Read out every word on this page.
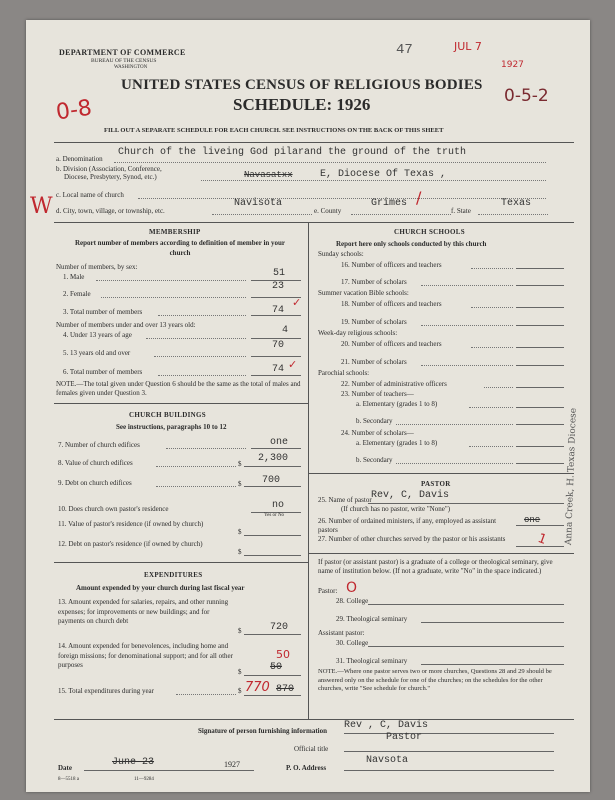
DEPARTMENT OF COMMERCE
BUREAU OF THE CENSUS
WASHINGTON
47	JUL 7
1927
UNITED STATES CENSUS OF RELIGIOUS BODIES
SCHEDULE: 1926
0-8	0-5-2
FILL OUT A SEPARATE SCHEDULE FOR EACH CHURCH. SEE INSTRUCTIONS ON THE BACK OF THIS SHEET
a. Denomination
Church of the liveing God pilarand the ground of the truth
b. Division (Association, Conference,
Diocese, Presbytery, Synod, etc.)	Navasatxx	E, Diocese Of Texas ,
c. Local name of church
W d. City, town, village, or township, etc.
Navisota
e. County
Grimes /
f. State
Texas
MEMBERSHIP
Report number of members according to definition of member in your church
Number of members, by sex:
1. Male	51
2. Female
23
3. Total number of members	74
✓
Number of members under and over 13 years old:
4. Under 13 years of age	4
5. 13 years old and over
70
6. Total number of members	74 ✓
NOTE.—The total given under Question 6 should be the same as the total of males and females given under Question 3.
CHURCH BUILDINGS
See instructions, paragraphs 10 to 12
7. Number of church edifices	one
8. Value of church edifices	$ 2,300
9. Debt on church edifices	$ 700
10. Does church own pastor's residence	no
Yes or No
11. Value of pastor's residence (if owned by church)
$
12. Debt on pastor's residence (if owned by church)
$
EXPENDITURES
Amount expended by your church during last fiscal year
13. Amount expended for salaries, repairs, and other running expenses; for improvements or new buildings; and for payments on church debt
$	720
14. Amount expended for benevolences, including home and foreign missions; for denominational support; and for all other purposes
50
$	50
15. Total expenditures during year	$ 770 870
CHURCH SCHOOLS
Report here only schools conducted by this church
Sunday schools:
16. Number of officers and teachers
17. Number of scholars
Summer vacation Bible schools:
18. Number of officers and teachers
19. Number of scholars
Week-day religious schools:
20. Number of officers and teachers
21. Number of scholars
Parochial schools:
22. Number of administrative officers
23. Number of teachers—
a. Elementary (grades 1 to 8)
b. Secondary
24. Number of scholars—
a. Elementary (grades 1 to 8)
b. Secondary
PASTOR
25. Name of pastor Rev, C, Davis
(If church has no pastor, write "None")
26. Number of ordained ministers, if any, employed as assistant pastors
one
27. Number of other churches served by the pastor or his assistants	1
If pastor (or assistant pastor) is a graduate of a college or theological seminary, give name of institution below. (If not a graduate, write "No" in the space indicated.)
Pastor: O
28. College
29. Theological seminary
Assistant pastor:
30. College
31. Theological seminary
NOTE.—Where one pastor serves two or more churches, Questions 28 and 29 should be answered only on the schedule for one of the churches; on the schedules for the other churches, write "See schedule for church."
Anna Creek, H. Texas Diocese
Signature of person furnishing information Rev , C, Davis
Official title
Pastor
Date	June 23	1927	P. O. Address
Navsota
8—5518 a	11—9284
